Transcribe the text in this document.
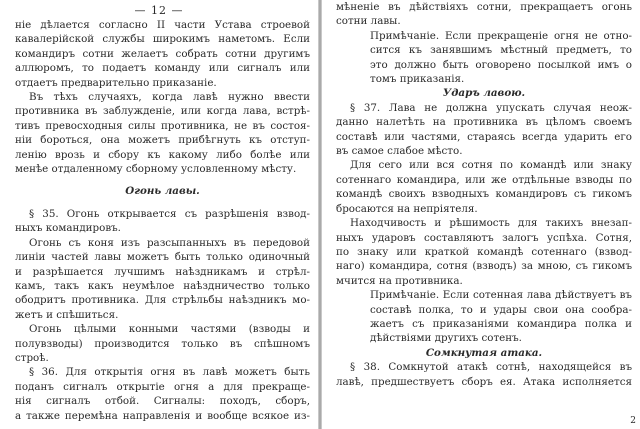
— 12 —
ніе дѣлается согласно II части Устава строевой
кавалерійской службы широкимъ наметомъ. Если
командиръ сотни желаетъ собрать сотни другимъ
аллюромъ, то подаетъ команду или сигналъ или
отдаетъ предварительно приказаніе.
Въ тѣхъ случаяхъ, когда лавѣ нужно ввести
противника въ заблужденіе, или когда лава, встрѣ-
тивъ превосходныя силы противника, не въ состоя-
ніи бороться, она можетъ прибѣгнуть къ отступ-
ленію врозь и сбору къ какому либо болѣе или
менѣе отдаленному сборному условленному мѣсту.
Огонь лавы.
§ 35. Огонь открывается съ разрѣшенія взвод-
ныхъ командировъ.
Огонь съ коня изъ разсыпанныхъ въ передовой
линіи частей лавы можетъ быть только одиночный
и разрѣшается лучшимъ наѣздникамъ и стрѣл-
камъ, такъ какъ неумѣлое наѣздничество только
ободритъ противника. Для стрѣльбы наѣздникъ мо-
жетъ и спѣшиться.
Огонь цѣлыми конными частями (взводы и
полувзводы) производится только въ спѣшномъ
строѣ.
§ 36. Для открытія огня въ лавѣ можетъ быть
поданъ сигналъ открытіе огня а для прекраще-
нія сигналъ отбой. Сигналы: походъ, сборъ,
а также перемѣна направленія и вообще всякое из-
мѣненіе въ дѣйствіяхъ сотни, прекращаетъ огонь
сотни лавы.
Примѣчаніе. Если прекращеніе огня не отно-
сится къ занявшимъ мѣстный предметъ, то
это должно быть оговорено посылкой имъ о
томъ приказанія.
Ударъ лавою.
§ 37. Лава не должна упускать случая неож-
данно налетѣть на противника въ цѣломъ своемъ
составѣ или частями, стараясь всегда ударить его
въ самое слабое мѣсто.
Для сего или вся сотня по командѣ или знаку
сотеннаго командира, или же отдѣльные взводы по
командѣ своихъ взводныхъ командировъ съ гикомъ
бросаются на непріятеля.
Находчивость и рѣшимость для такихъ внезап-
ныхъ ударовъ составляютъ залогъ успѣха. Сотня,
по знаку или краткой командѣ сотеннаго (взвод-
наго) командира, сотня (взводъ) за мною, съ гикомъ
мчится на противника.
Примѣчаніе. Если сотенная лава дѣйствуетъ въ
составѣ полка, то и удары свои она сообра-
жаетъ съ приказаніями командира полка и
дѣйствіями другихъ сотенъ.
Сомкнутая атака.
§ 38. Сомкнутой атакѣ сотнѣ, находящейся въ
лавѣ, предшествуетъ сборъ ея. Атака исполняется
2
